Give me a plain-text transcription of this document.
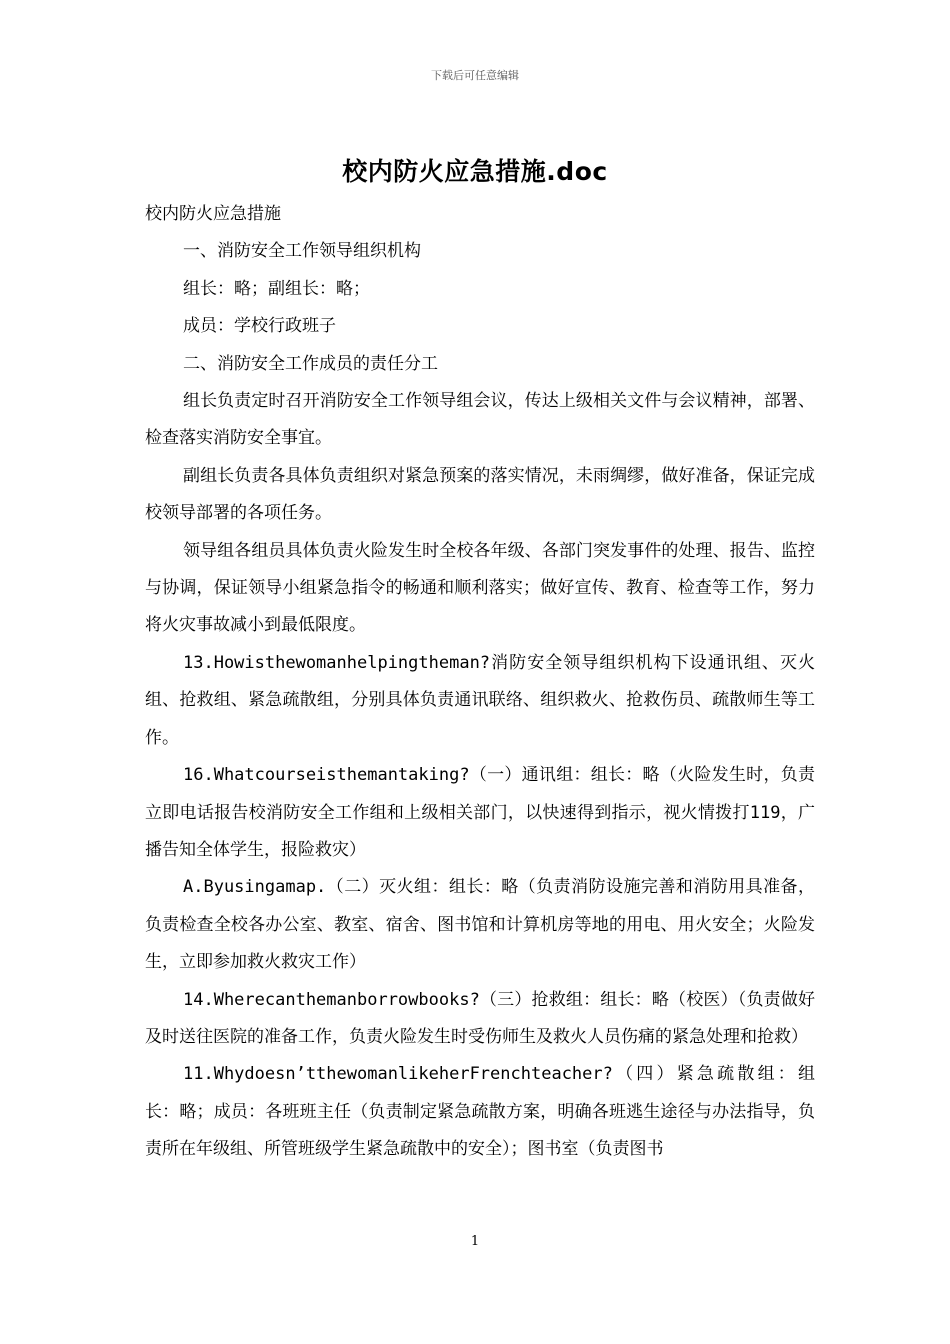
下载后可任意编辑
校内防火应急措施.doc

校内防火应急措施

一、消防安全工作领导组织机构

组长：略；副组长：略；

成员：学校行政班子

二、消防安全工作成员的责任分工

组长负责定时召开消防安全工作领导组会议，传达上级相关文件与会议精神，部署、检查落实消防安全事宜。

副组长负责各具体负责组织对紧急预案的落实情况，未雨绸缪，做好准备，保证完成校领导部署的各项任务。

领导组各组员具体负责火险发生时全校各年级、各部门突发事件的处理、报告、监控与协调，保证领导小组紧急指令的畅通和顺利落实；做好宣传、教育、检查等工作，努力将火灾事故减小到最低限度。

13.Howisthewomanhelpingtheman?消防安全领导组织机构下设通讯组、灭火组、抢救组、紧急疏散组，分别具体负责通讯联络、组织救火、抢救伤员、疏散师生等工作。

16.Whatcourseisthemantaking?（一）通讯组：组长：略（火险发生时，负责立即电话报告校消防安全工作组和上级相关部门，以快速得到指示，视火情拨打119，广播告知全体学生，报险救灾）

A.Byusingamap.（二）灭火组：组长：略（负责消防设施完善和消防用具准备，负责检查全校各办公室、教室、宿舍、图书馆和计算机房等地的用电、用火安全；火险发生，立即参加救火救灾工作）

14.Wherecanthemanborrowbooks?（三）抢救组：组长：略（校医）（负责做好及时送往医院的准备工作，负责火险发生时受伤师生及救火人员伤痛的紧急处理和抢救）

11.Whydoesn’tthewomanlikeherFrenchteacher?（四）紧急疏散组：组长：略；成员：各班班主任（负责制定紧急疏散方案，明确各班逃生途径与办法指导，负责所在年级组、所管班级学生紧急疏散中的安全）；图书室（负责图书

1
